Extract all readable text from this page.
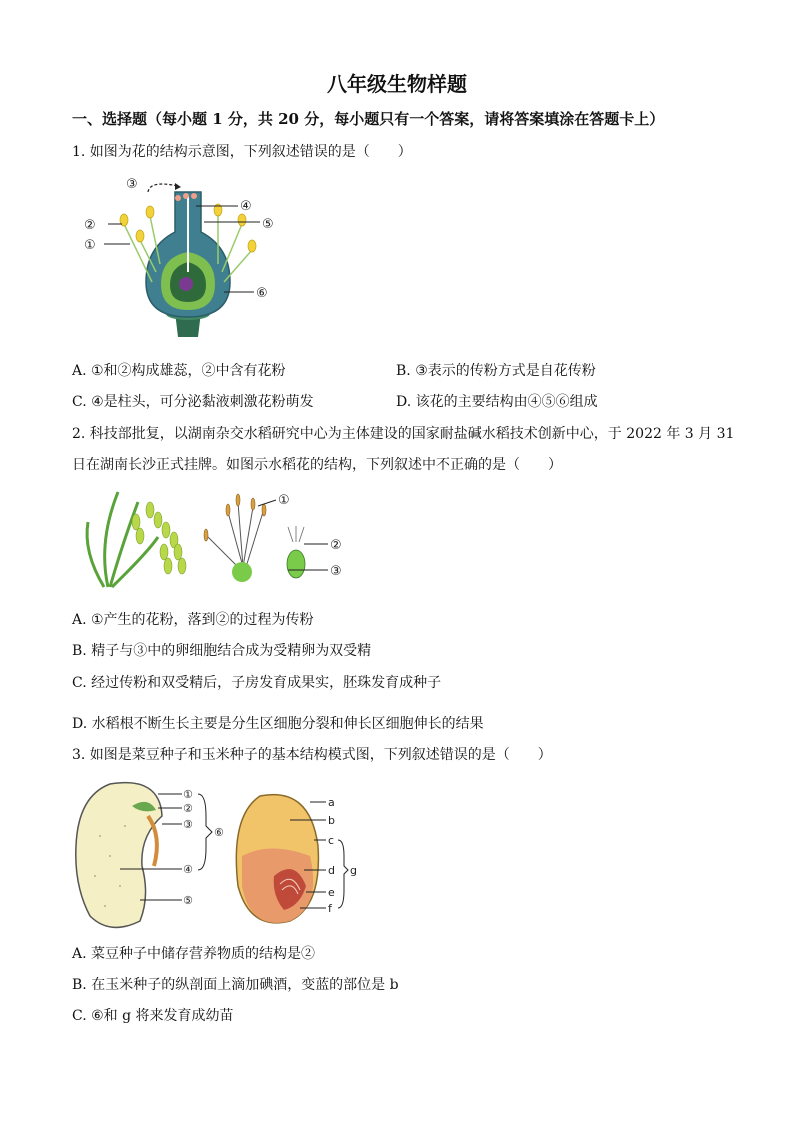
八年级生物样题
一、选择题（每小题 1 分，共 20 分，每小题只有一个答案，请将答案填涂在答题卡上）
1. 如图为花的结构示意图，下列叙述错误的是（　　）
③
④
②	⑤
①
⑥
A. ①和②构成雄蕊，②中含有花粉	B. ③表示的传粉方式是自花传粉
C. ④是柱头，可分泌黏液刺激花粉萌发	D. 该花的主要结构由④⑤⑥组成
2. 科技部批复，以湖南杂交水稻研究中心为主体建设的国家耐盐碱水稻技术创新中心，于 2022 年 3 月 31
日在湖南长沙正式挂牌。如图示水稻花的结构，下列叙述中不正确的是（　　）
①
②
③
A. ①产生的花粉，落到②的过程为传粉
B. 精子与③中的卵细胞结合成为受精卵为双受精
C. 经过传粉和双受精后，子房发育成果实，胚珠发育成种子
D. 水稻根不断生长主要是分生区细胞分裂和伸长区细胞伸长的结果
3. 如图是菜豆种子和玉米种子的基本结构模式图，下列叙述错误的是（　　）
①
②
③
④
⑤
⑥
a
b
c
d
e
f
g
A. 菜豆种子中储存营养物质的结构是②
B. 在玉米种子的纵剖面上滴加碘酒，变蓝的部位是 b
C. ⑥和 g 将来发育成幼苗
